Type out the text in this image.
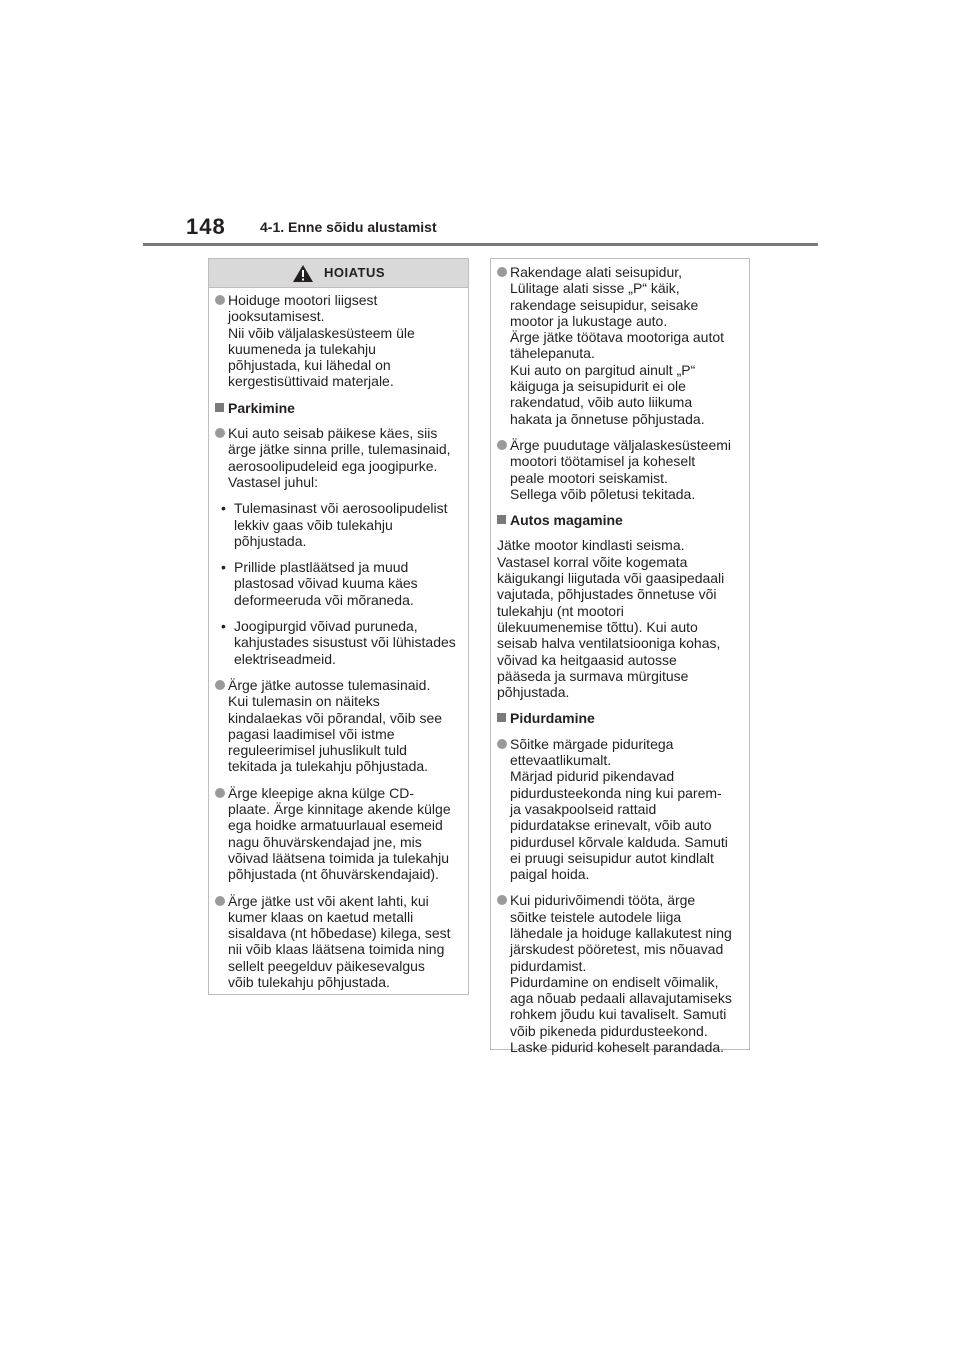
148 4-1. Enne sõidu alustamist
HOIATUS
Hoiduge mootori liigsest
jooksutamisest.
Nii võib väljalaskesüsteem üle
kuumeneda ja tulekahju
põhjustada, kui lähedal on
kergestisüttivaid materjale.
Parkimine
Kui auto seisab päikese käes, siis
ärge jätke sinna prille, tulemasinaid,
aerosoolipudeleid ega joogipurke.
Vastasel juhul:
• Tulemasinast või aerosoolipudelist
lekkiv gaas võib tulekahju
põhjustada.
• Prillide plastläätsed ja muud
plastosad võivad kuuma käes
deformeeruda või mõraneda.
• Joogipurgid võivad puruneda,
kahjustades sisustust või lühistades
elektriseadmeid.
Ärge jätke autosse tulemasinaid.
Kui tulemasin on näiteks
kindalaekas või põrandal, võib see
pagasi laadimisel või istme
reguleerimisel juhuslikult tuld
tekitada ja tulekahju põhjustada.
Ärge kleepige akna külge CD-
plaate. Ärge kinnitage akende külge
ega hoidke armatuurlaual esemeid
nagu õhuvärskendajad jne, mis
võivad läätsena toimida ja tulekahju
põhjustada (nt õhuvärskendajaid).
Ärge jätke ust või akent lahti, kui
kumer klaas on kaetud metalli
sisaldava (nt hõbedase) kilega, sest
nii võib klaas läätsena toimida ning
sellelt peegelduv päikesevalgus
võib tulekahju põhjustada.
Rakendage alati seisupidur,
Lülitage alati sisse „P“ käik,
rakendage seisupidur, seisake
mootor ja lukustage auto.
Ärge jätke töötava mootoriga autot
tähelepanuta.
Kui auto on pargitud ainult „P“
käiguga ja seisupidurit ei ole
rakendatud, võib auto liikuma
hakata ja õnnetuse põhjustada.
Ärge puudutage väljalaskesüsteemi
mootori töötamisel ja koheselt
peale mootori seiskamist.
Sellega võib põletusi tekitada.
Autos magamine
Jätke mootor kindlasti seisma.
Vastasel korral võite kogemata
käigukangi liigutada või gaasipedaali
vajutada, põhjustades õnnetuse või
tulekahju (nt mootori
ülekuumenemise tõttu). Kui auto
seisab halva ventilatsiooniga kohas,
võivad ka heitgaasid autosse
pääseda ja surmava mürgituse
põhjustada.
Pidurdamine
Sõitke märgade piduritega
ettevaatlikumalt.
Märjad pidurid pikendavad
pidurdusteekonda ning kui parem-
ja vasakpoolseid rattaid
pidurdatakse erinevalt, võib auto
pidurdusel kõrvale kalduda. Samuti
ei pruugi seisupidur autot kindlalt
paigal hoida.
Kui pidurivõimendi tööta, ärge
sõitke teistele autodele liiga
lähedale ja hoiduge kallakutest ning
järskudest pööretest, mis nõuavad
pidurdamist.
Pidurdamine on endiselt võimalik,
aga nõuab pedaali allavajutamiseks
rohkem jõudu kui tavaliselt. Samuti
võib pikeneda pidurdusteekond.
Laske pidurid koheselt parandada.
